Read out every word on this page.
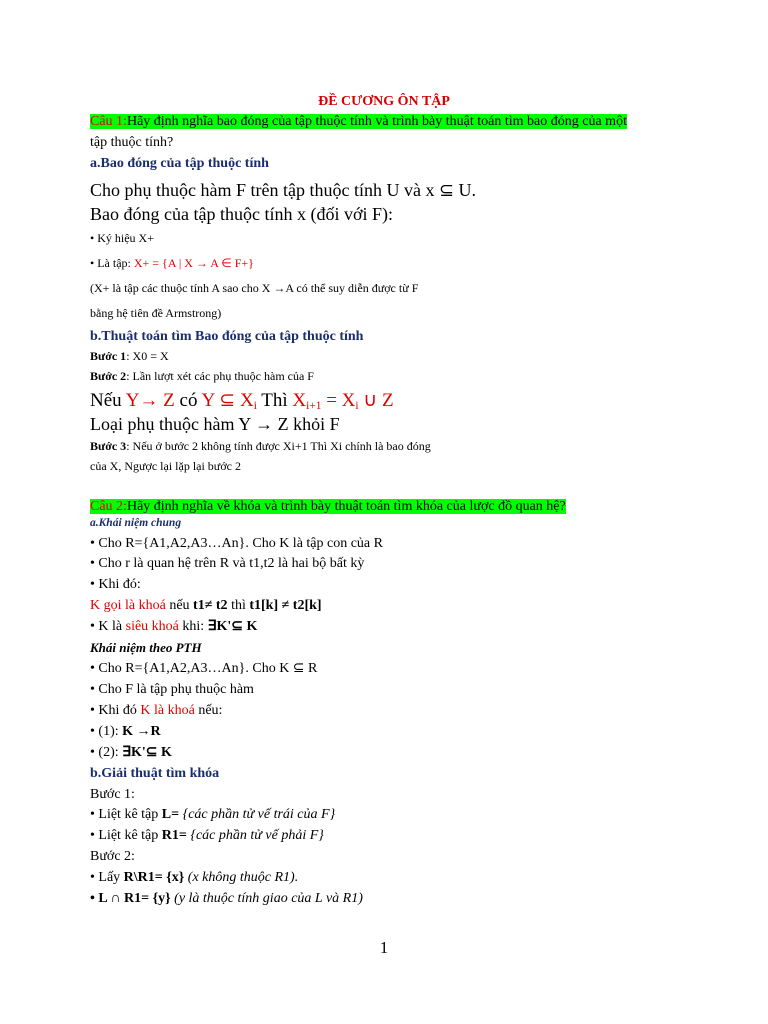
ĐỀ CƯƠNG ÔN TẬP
Câu 1:Hãy định nghĩa bao đóng của tập thuộc tính và trình bày thuật toán tìm bao đóng của một
tập thuộc tính?
a.Bao đóng của tập thuộc tính
Cho phụ thuộc hàm F trên tập thuộc tính U và x ⊆ U.
Bao đóng của tập thuộc tính x (đối với F):
• Ký hiệu X+
• Là tập: X+ = {A | X → A ∈ F+}
(X+ là tập các thuộc tính A sao cho X →A có thể suy diễn được từ F
bằng hệ tiên đề Armstrong)
b.Thuật toán tìm Bao đóng của tập thuộc tính
Bước 1: X0 = X
Bước 2: Lần lượt xét các phụ thuộc hàm của F
Nếu Y→ Z có Y ⊆ $X_i$ Thì $X_{i+1} = X_i$ ∪ Z
Loại phụ thuộc hàm Y → Z khỏi F
Bước 3: Nếu ở bước 2 không tính được Xi+1 Thì Xi chính là bao đóng
của X, Ngược lại lặp lại bước 2
Câu 2:Hãy định nghĩa về khóa và trình bày thuật toán tìm khóa của lược đồ quan hệ?
a.Khái niệm chung
• Cho R={A1,A2,A3…An}. Cho K là tập con của R
• Cho r là quan hệ trên R và t1,t2 là hai bộ bất kỳ
• Khi đó:
K gọi là khoá nếu t1≠ t2 thì t1[k] ≠ t2[k]
• K là siêu khoá khi: ∃K'⊆ K
Khái niệm theo PTH
• Cho R={A1,A2,A3…An}. Cho K ⊆ R
• Cho F là tập phụ thuộc hàm
• Khi đó K là khoá nếu:
• (1): K →R
• (2): ∃K'⊆ K
b.Giải thuật tìm khóa
Bước 1:
• Liệt kê tập L= {các phần tử vế trái của F}
• Liệt kê tập R1= {các phần tử vế phải F}
Bước 2:
• Lấy R\R1= {x} (x không thuộc R1).
• L ∩ R1= {y} (y là thuộc tính giao của L và R1)
1
